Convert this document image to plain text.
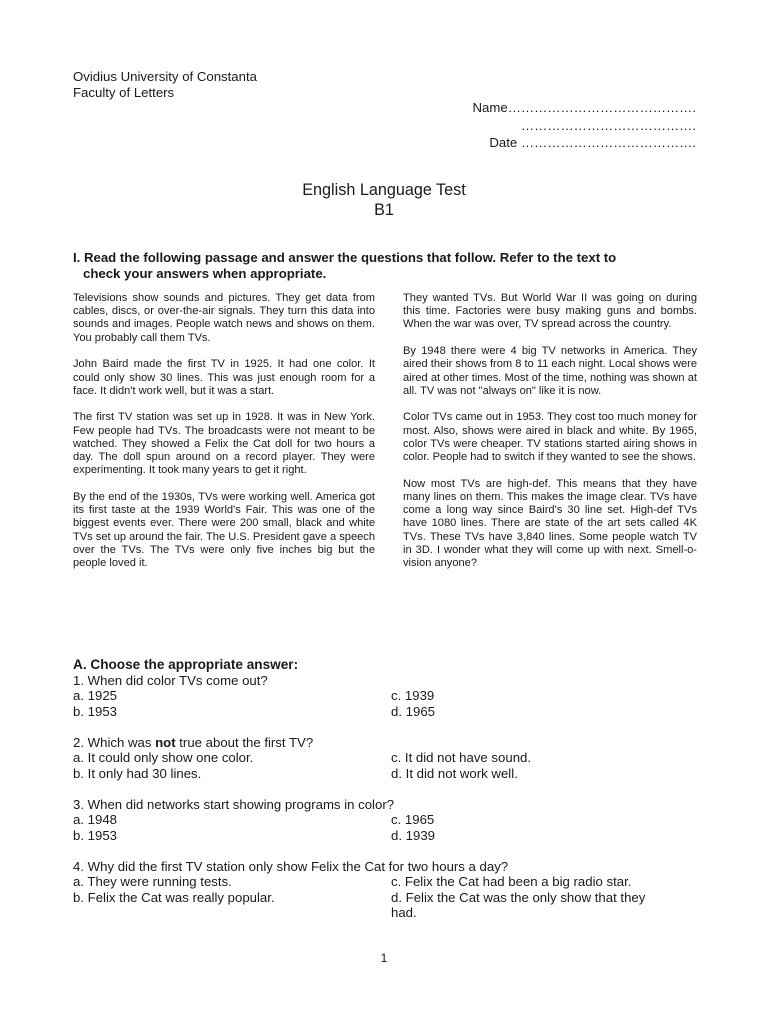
Ovidius University of Constanta
Faculty of Letters
Name…………………………………….
………………………………….
Date ………………………………….
English Language Test
B1
I. Read the following passage and answer the questions that follow. Refer to the text to
check your answers when appropriate.

Televisions show sounds and pictures. They get data from cables, discs, or over-the-air signals. They turn this data into sounds and images. People watch news and shows on them. You probably call them TVs.

John Baird made the first TV in 1925. It had one color. It could only show 30 lines. This was just enough room for a face. It didn't work well, but it was a start.

The first TV station was set up in 1928. It was in New York. Few people had TVs. The broadcasts were not meant to be watched. They showed a Felix the Cat doll for two hours a day. The doll spun around on a record player. They were experimenting. It took many years to get it right.

By the end of the 1930s, TVs were working well. America got its first taste at the 1939 World's Fair. This was one of the biggest events ever. There were 200 small, black and white TVs set up around the fair. The U.S. President gave a speech over the TVs. The TVs were only five inches big but the people loved it.

They wanted TVs. But World War II was going on during this time. Factories were busy making guns and bombs. When the war was over, TV spread across the country.

By 1948 there were 4 big TV networks in America. They aired their shows from 8 to 11 each night. Local shows were aired at other times. Most of the time, nothing was shown at all. TV was not "always on" like it is now.

Color TVs came out in 1953. They cost too much money for most. Also, shows were aired in black and white. By 1965, color TVs were cheaper. TV stations started airing shows in color. People had to switch if they wanted to see the shows.

Now most TVs are high-def. This means that they have many lines on them. This makes the image clear. TVs have come a long way since Baird's 30 line set. High-def TVs have 1080 lines. There are state of the art sets called 4K TVs. These TVs have 3,840 lines. Some people watch TV in 3D. I wonder what they will come up with next. Smell-o-vision anyone?

A. Choose the appropriate answer:
1. When did color TVs come out?
a. 1925	c. 1939
b. 1953	d. 1965
2. Which was not true about the first TV?
a. It could only show one color.	c. It did not have sound.
b. It only had 30 lines.	d. It did not work well.
3. When did networks start showing programs in color?
a. 1948	c. 1965
b. 1953	d. 1939
4. Why did the first TV station only show Felix the Cat for two hours a day?
a. They were running tests.	c. Felix the Cat had been a big radio star.
b. Felix the Cat was really popular.	d. Felix the Cat was the only show that they had.
1
